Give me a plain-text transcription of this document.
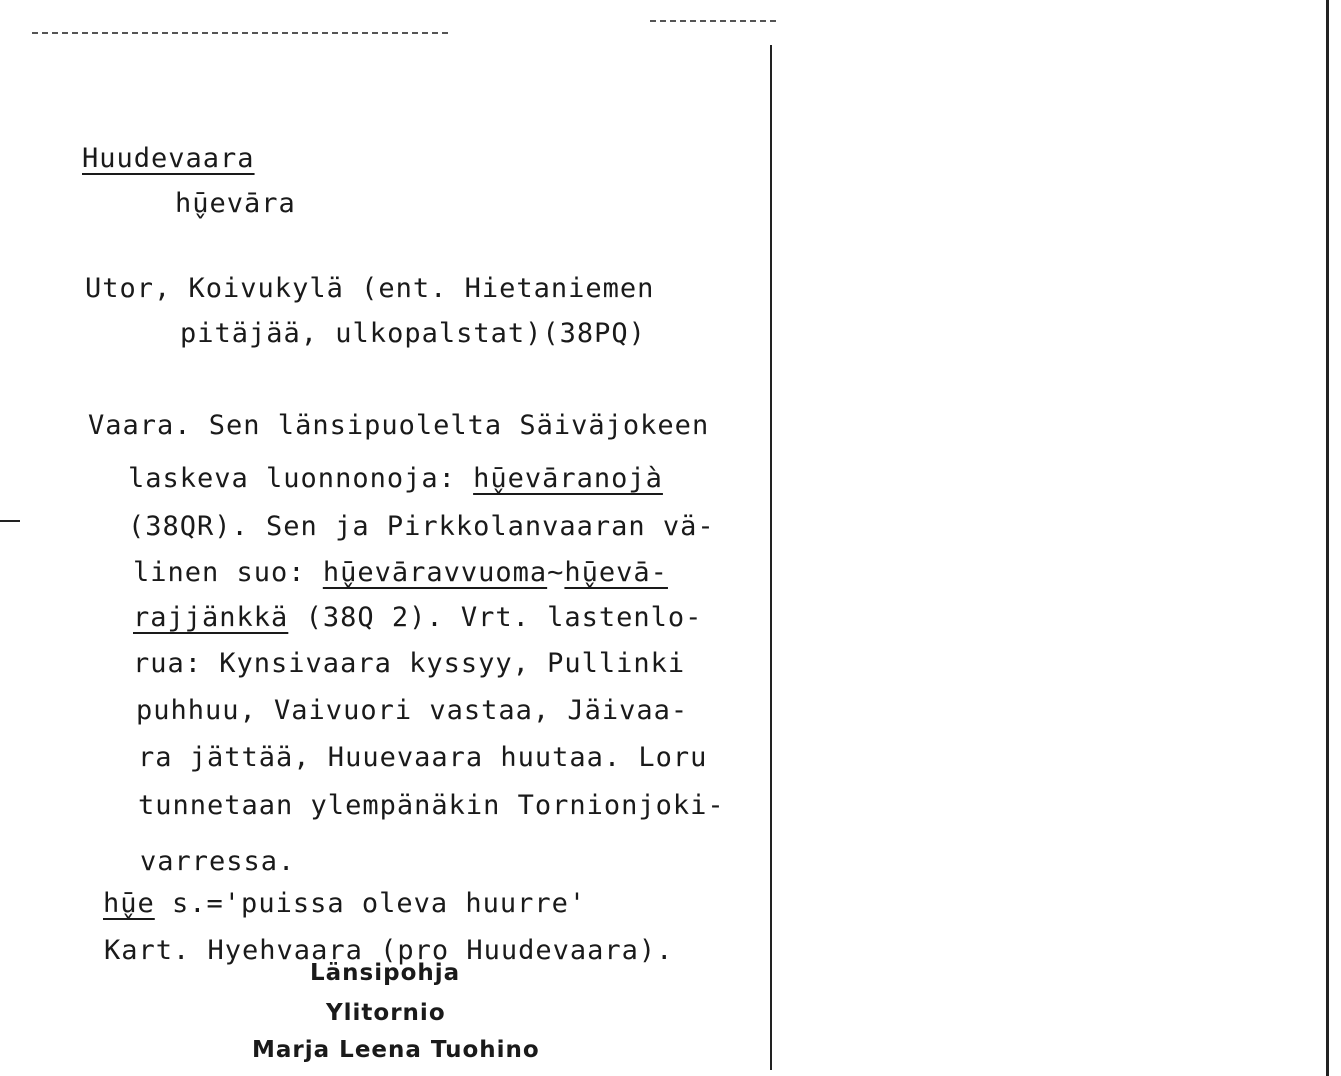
Huudevaara
hū̬evāra
Utor, Koivukylä (ent. Hietaniemen
pitäjää, ulkopalstat)(38PQ)
Vaara. Sen länsipuolelta Säiväjokeen
laskeva luonnonoja: hū̬evāranojà
(38QR). Sen ja Pirkkolanvaaran vä-
linen suo: hū̬evāravvuoma~hū̬evā-
rajjänkkä (38Q 2). Vrt. lastenlo-
rua: Kynsivaara kyssyy, Pullinki
puhhuu, Vaivuori vastaa, Jäivaa-
ra jättää, Huuevaara huutaa. Loru
tunnetaan ylempänäkin Tornionjoki-
varressa.
hū̬e s.='puissa oleva huurre'
Kart. Hyehvaara (pro Huudevaara).
Länsipohja
Ylitornio
Marja Leena Tuohino
